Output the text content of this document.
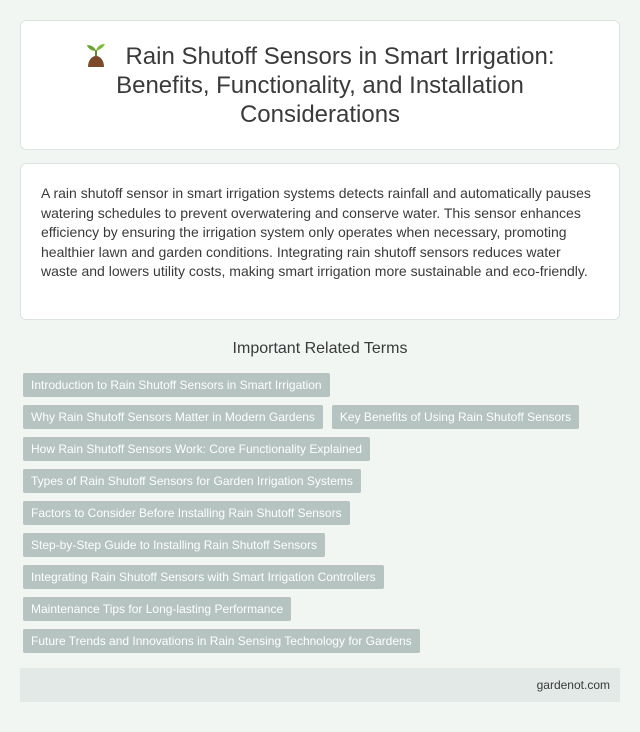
Rain Shutoff Sensors in Smart Irrigation: Benefits, Functionality, and Installation Considerations

A rain shutoff sensor in smart irrigation systems detects rainfall and automatically pauses watering schedules to prevent overwatering and conserve water. This sensor enhances efficiency by ensuring the irrigation system only operates when necessary, promoting healthier lawn and garden conditions. Integrating rain shutoff sensors reduces water waste and lowers utility costs, making smart irrigation more sustainable and eco-friendly.

Important Related Terms
Introduction to Rain Shutoff Sensors in Smart Irrigation
Why Rain Shutoff Sensors Matter in Modern Gardens	Key Benefits of Using Rain Shutoff Sensors
How Rain Shutoff Sensors Work: Core Functionality Explained
Types of Rain Shutoff Sensors for Garden Irrigation Systems
Factors to Consider Before Installing Rain Shutoff Sensors
Step-by-Step Guide to Installing Rain Shutoff Sensors
Integrating Rain Shutoff Sensors with Smart Irrigation Controllers
Maintenance Tips for Long-lasting Performance
Future Trends and Innovations in Rain Sensing Technology for Gardens
gardenot.com
